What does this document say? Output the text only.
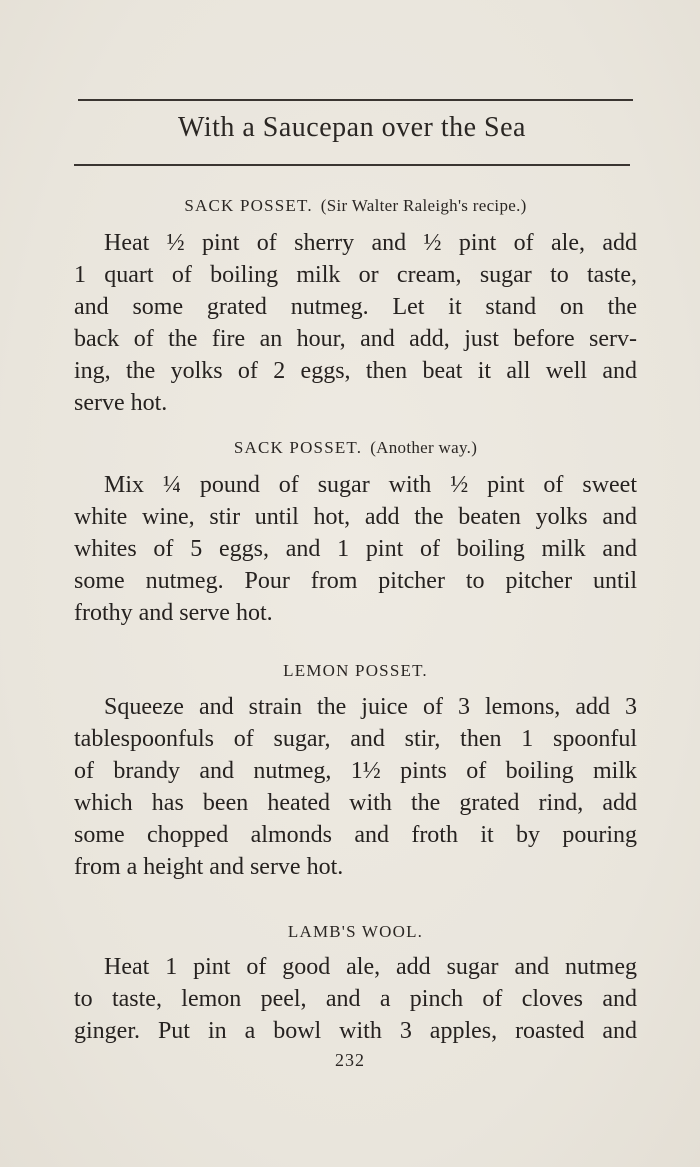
With a Saucepan over the Sea
SACK POSSET. (Sir Walter Raleigh's recipe.)
Heat ½ pint of sherry and ½ pint of ale, add
1 quart of boiling milk or cream, sugar to taste,
and some grated nutmeg. Let it stand on the
back of the fire an hour, and add, just before serv-
ing, the yolks of 2 eggs, then beat it all well and
serve hot.
SACK POSSET. (Another way.)
Mix ¼ pound of sugar with ½ pint of sweet
white wine, stir until hot, add the beaten yolks and
whites of 5 eggs, and 1 pint of boiling milk and
some nutmeg. Pour from pitcher to pitcher until
frothy and serve hot.
LEMON POSSET.
Squeeze and strain the juice of 3 lemons, add 3
tablespoonfuls of sugar, and stir, then 1 spoonful
of brandy and nutmeg, 1½ pints of boiling milk
which has been heated with the grated rind, add
some chopped almonds and froth it by pouring
from a height and serve hot.
LAMB'S WOOL.
Heat 1 pint of good ale, add sugar and nutmeg
to taste, lemon peel, and a pinch of cloves and
ginger. Put in a bowl with 3 apples, roasted and
232
